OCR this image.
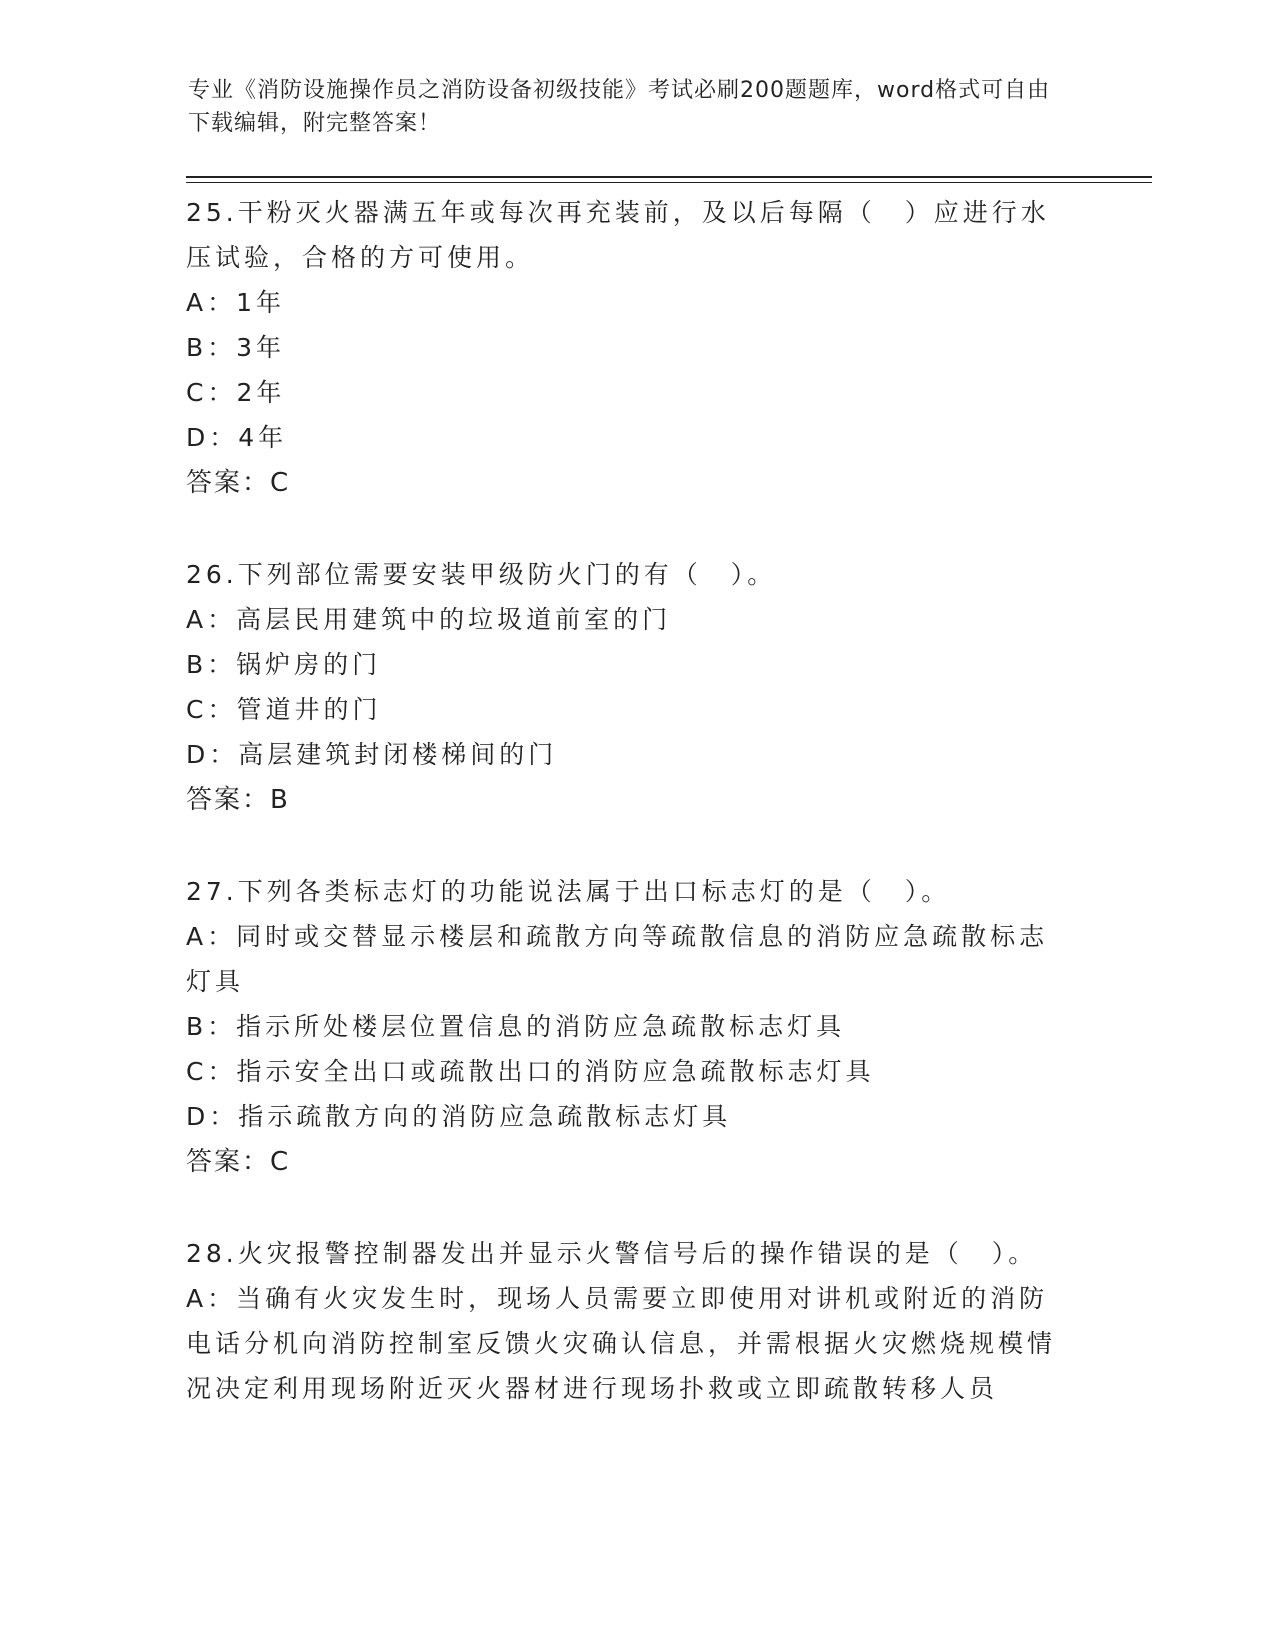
专业《消防设施操作员之消防设备初级技能》考试必刷200题题库，word格式可自由下载编辑，附完整答案！
25.干粉灭火器满五年或每次再充装前，及以后每隔（　）应进行水压试验，合格的方可使用。
A：1年
B：3年
C：2年
D：4年
答案：C
26.下列部位需要安装甲级防火门的有（　）。
A：高层民用建筑中的垃圾道前室的门
B：锅炉房的门
C：管道井的门
D：高层建筑封闭楼梯间的门
答案：B
27.下列各类标志灯的功能说法属于出口标志灯的是（　）。
A：同时或交替显示楼层和疏散方向等疏散信息的消防应急疏散标志灯具
B：指示所处楼层位置信息的消防应急疏散标志灯具
C：指示安全出口或疏散出口的消防应急疏散标志灯具
D：指示疏散方向的消防应急疏散标志灯具
答案：C
28.火灾报警控制器发出并显示火警信号后的操作错误的是（　）。
A：当确有火灾发生时，现场人员需要立即使用对讲机或附近的消防电话分机向消防控制室反馈火灾确认信息，并需根据火灾燃烧规模情况决定利用现场附近灭火器材进行现场扑救或立即疏散转移人员
